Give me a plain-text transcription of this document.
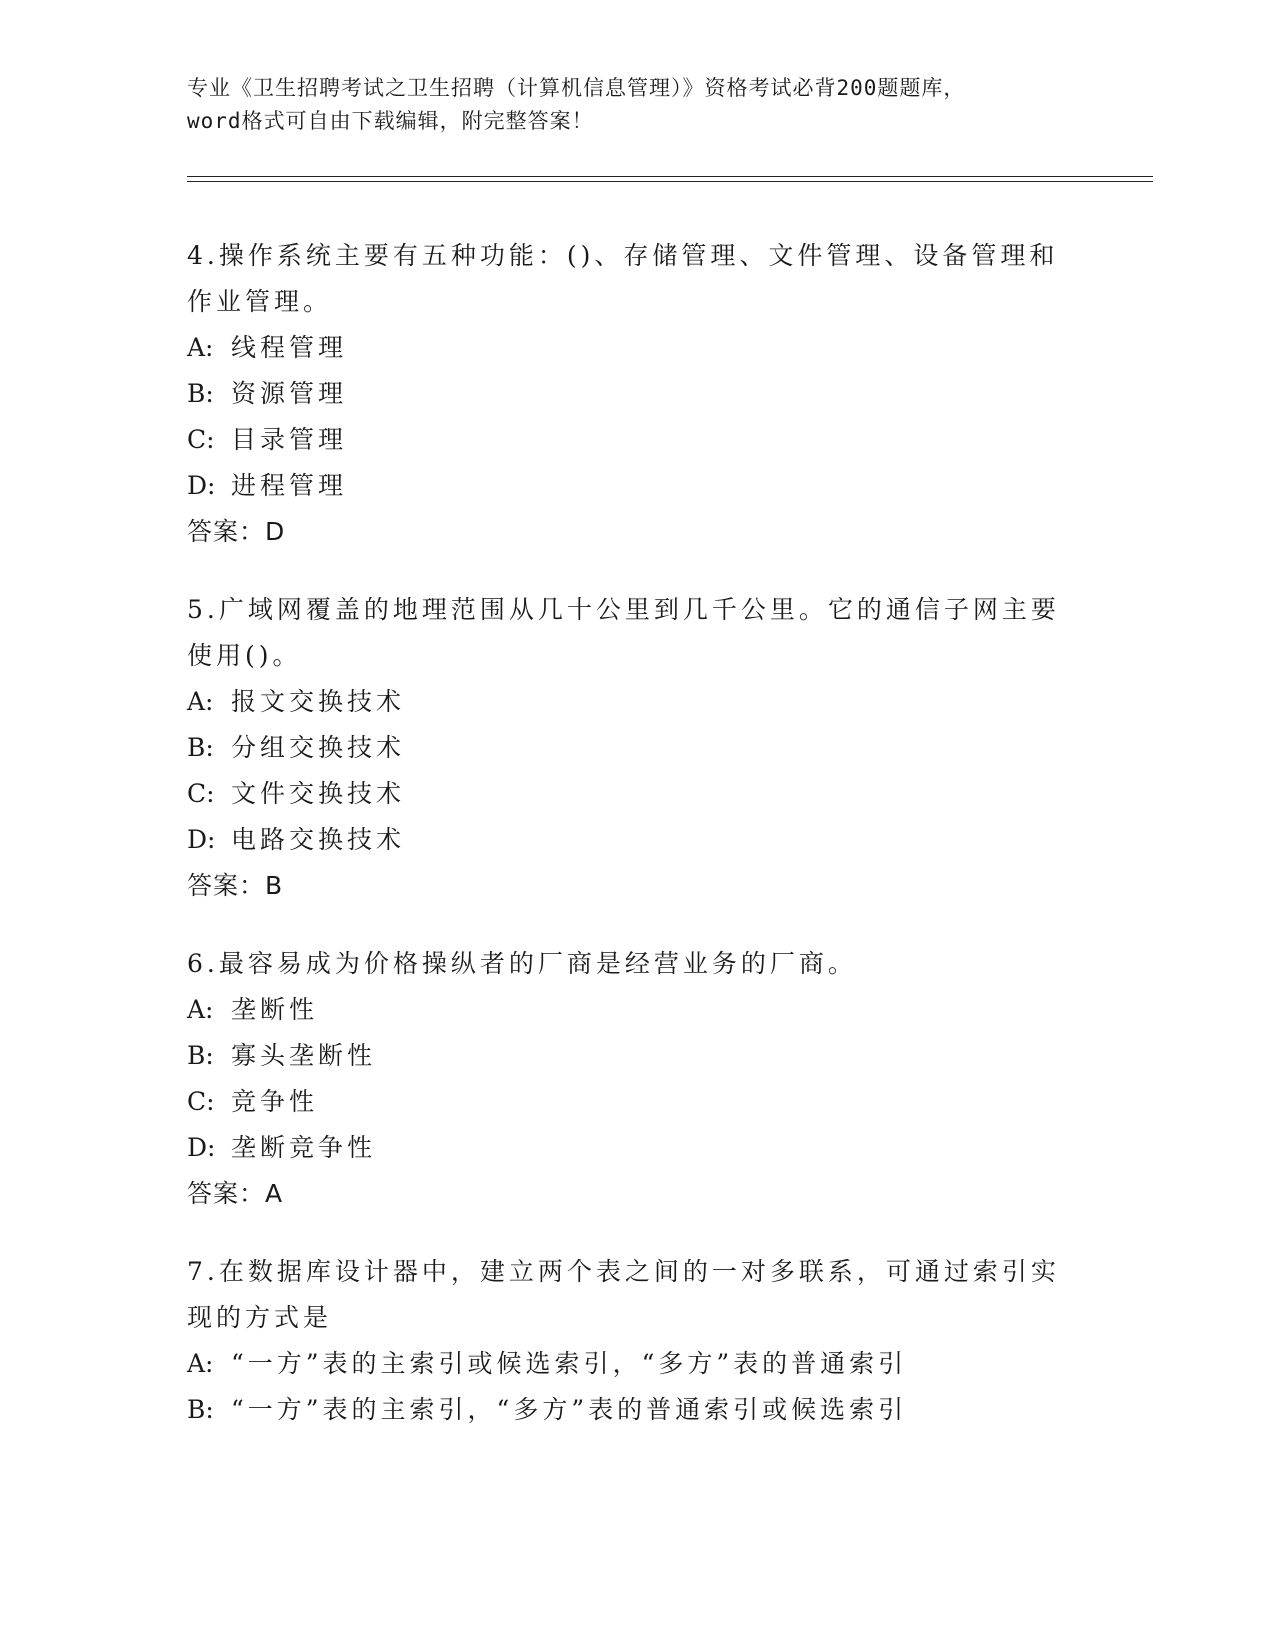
专业《卫生招聘考试之卫生招聘（计算机信息管理）》资格考试必背200题题库，
word格式可自由下载编辑，附完整答案！

4.操作系统主要有五种功能：()、存储管理、文件管理、设备管理和作业管理。

A: 线程管理

B: 资源管理

C: 目录管理

D: 进程管理

答案：D

5.广域网覆盖的地理范围从几十公里到几千公里。它的通信子网主要使用()。

A: 报文交换技术

B: 分组交换技术

C: 文件交换技术

D: 电路交换技术

答案：B

6.最容易成为价格操纵者的厂商是经营业务的厂商。

A: 垄断性

B: 寡头垄断性

C: 竞争性

D: 垄断竞争性

答案：A

7.在数据库设计器中，建立两个表之间的一对多联系，可通过索引实现的方式是

A: “一方”表的主索引或候选索引，“多方”表的普通索引

B: “一方”表的主索引，“多方”表的普通索引或候选索引
